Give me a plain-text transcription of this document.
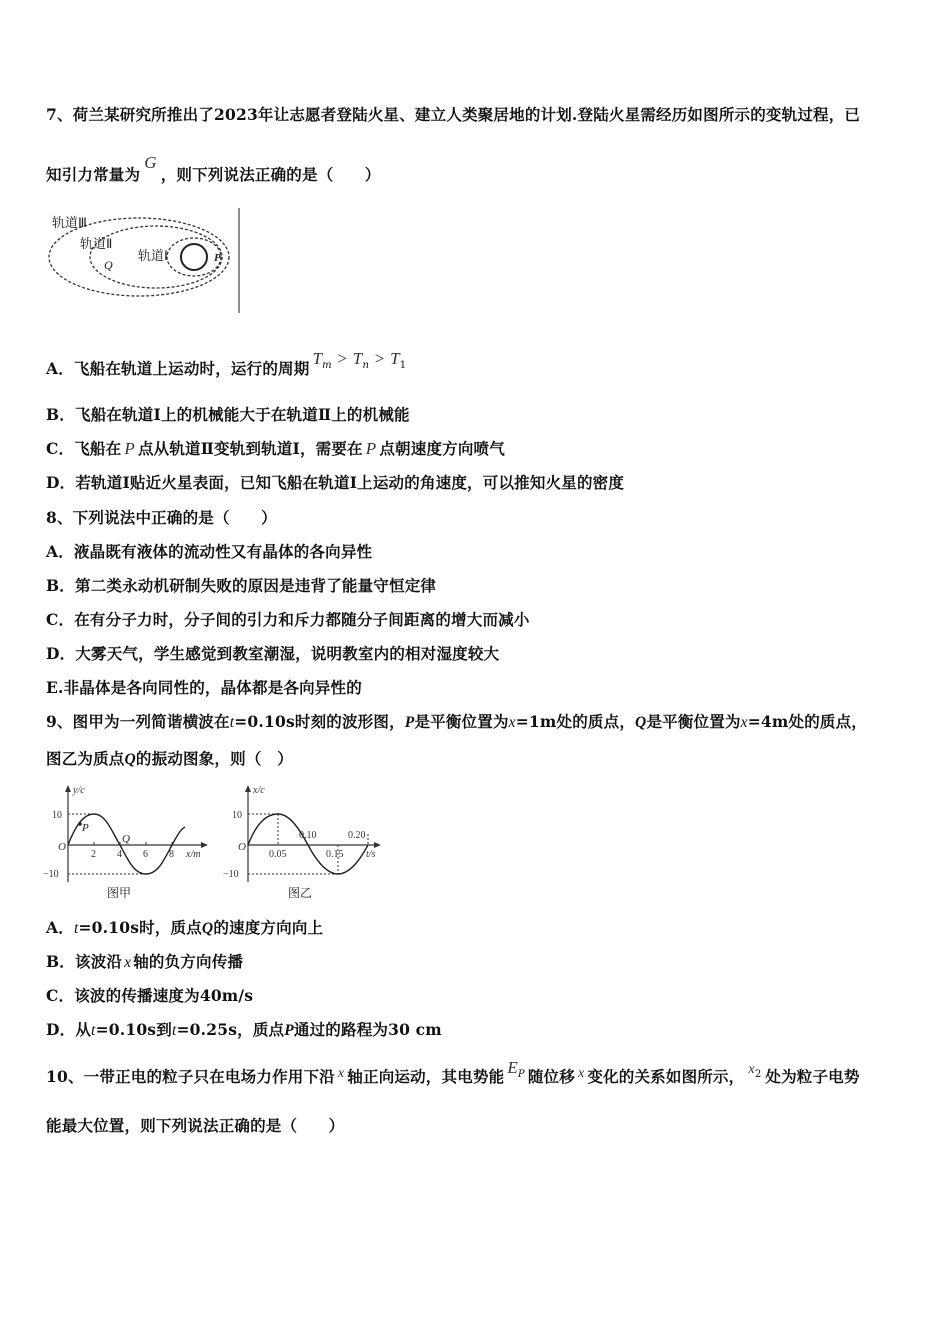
7、荷兰某研究所推出了2023年让志愿者登陆火星、建立人类聚居地的计划.登陆火星需经历如图所示的变轨过程，已
知引力常量为G，则下列说法正确的是（　　）
轨道Ⅲ
轨道Ⅱ
轨道Ⅰ
Q	P
A．飞船在轨道上运动时，运行的周期$T_m > T_n > T_1$
B．飞船在轨道Ⅰ上的机械能大于在轨道Ⅱ上的机械能
C．飞船在 P 点从轨道Ⅱ变轨到轨道Ⅰ，需要在 P 点朝速度方向喷气
D．若轨道Ⅰ贴近火星表面，已知飞船在轨道Ⅰ上运动的角速度，可以推知火星的密度
8、下列说法中正确的是（　　）
A．液晶既有液体的流动性又有晶体的各向异性
B．第二类永动机研制失败的原因是违背了能量守恒定律
C．在有分子力时，分子间的引力和斥力都随分子间距离的增大而减小
D．大雾天气，学生感觉到教室潮湿，说明教室内的相对湿度较大
E.非晶体是各向同性的，晶体都是各向异性的
9、图甲为一列简谐横波在t=0.10s时刻的波形图，P是平衡位置为x=1m处的质点，Q是平衡位置为x=4m处的质点，
图乙为质点Q的振动图象，则（　）
y/c
x/m
O
10
−10
2 4 6 8
P
Q
图甲
x/c
t/s
O
10
−10
0.10	0.20
0.05	0.15
图乙
A．t=0.10s时，质点Q的速度方向向上
B．该波沿 x 轴的负方向传播
C．该波的传播速度为40m/s
D．从t=0.10s到t=0.25s，质点P通过的路程为30 cm
10、一带正电的粒子只在电场力作用下沿 x 轴正向运动，其电势能 $E_P$ 随位移 x 变化的关系如图所示， $x_2$ 处为粒子电势
能最大位置，则下列说法正确的是（　　）
